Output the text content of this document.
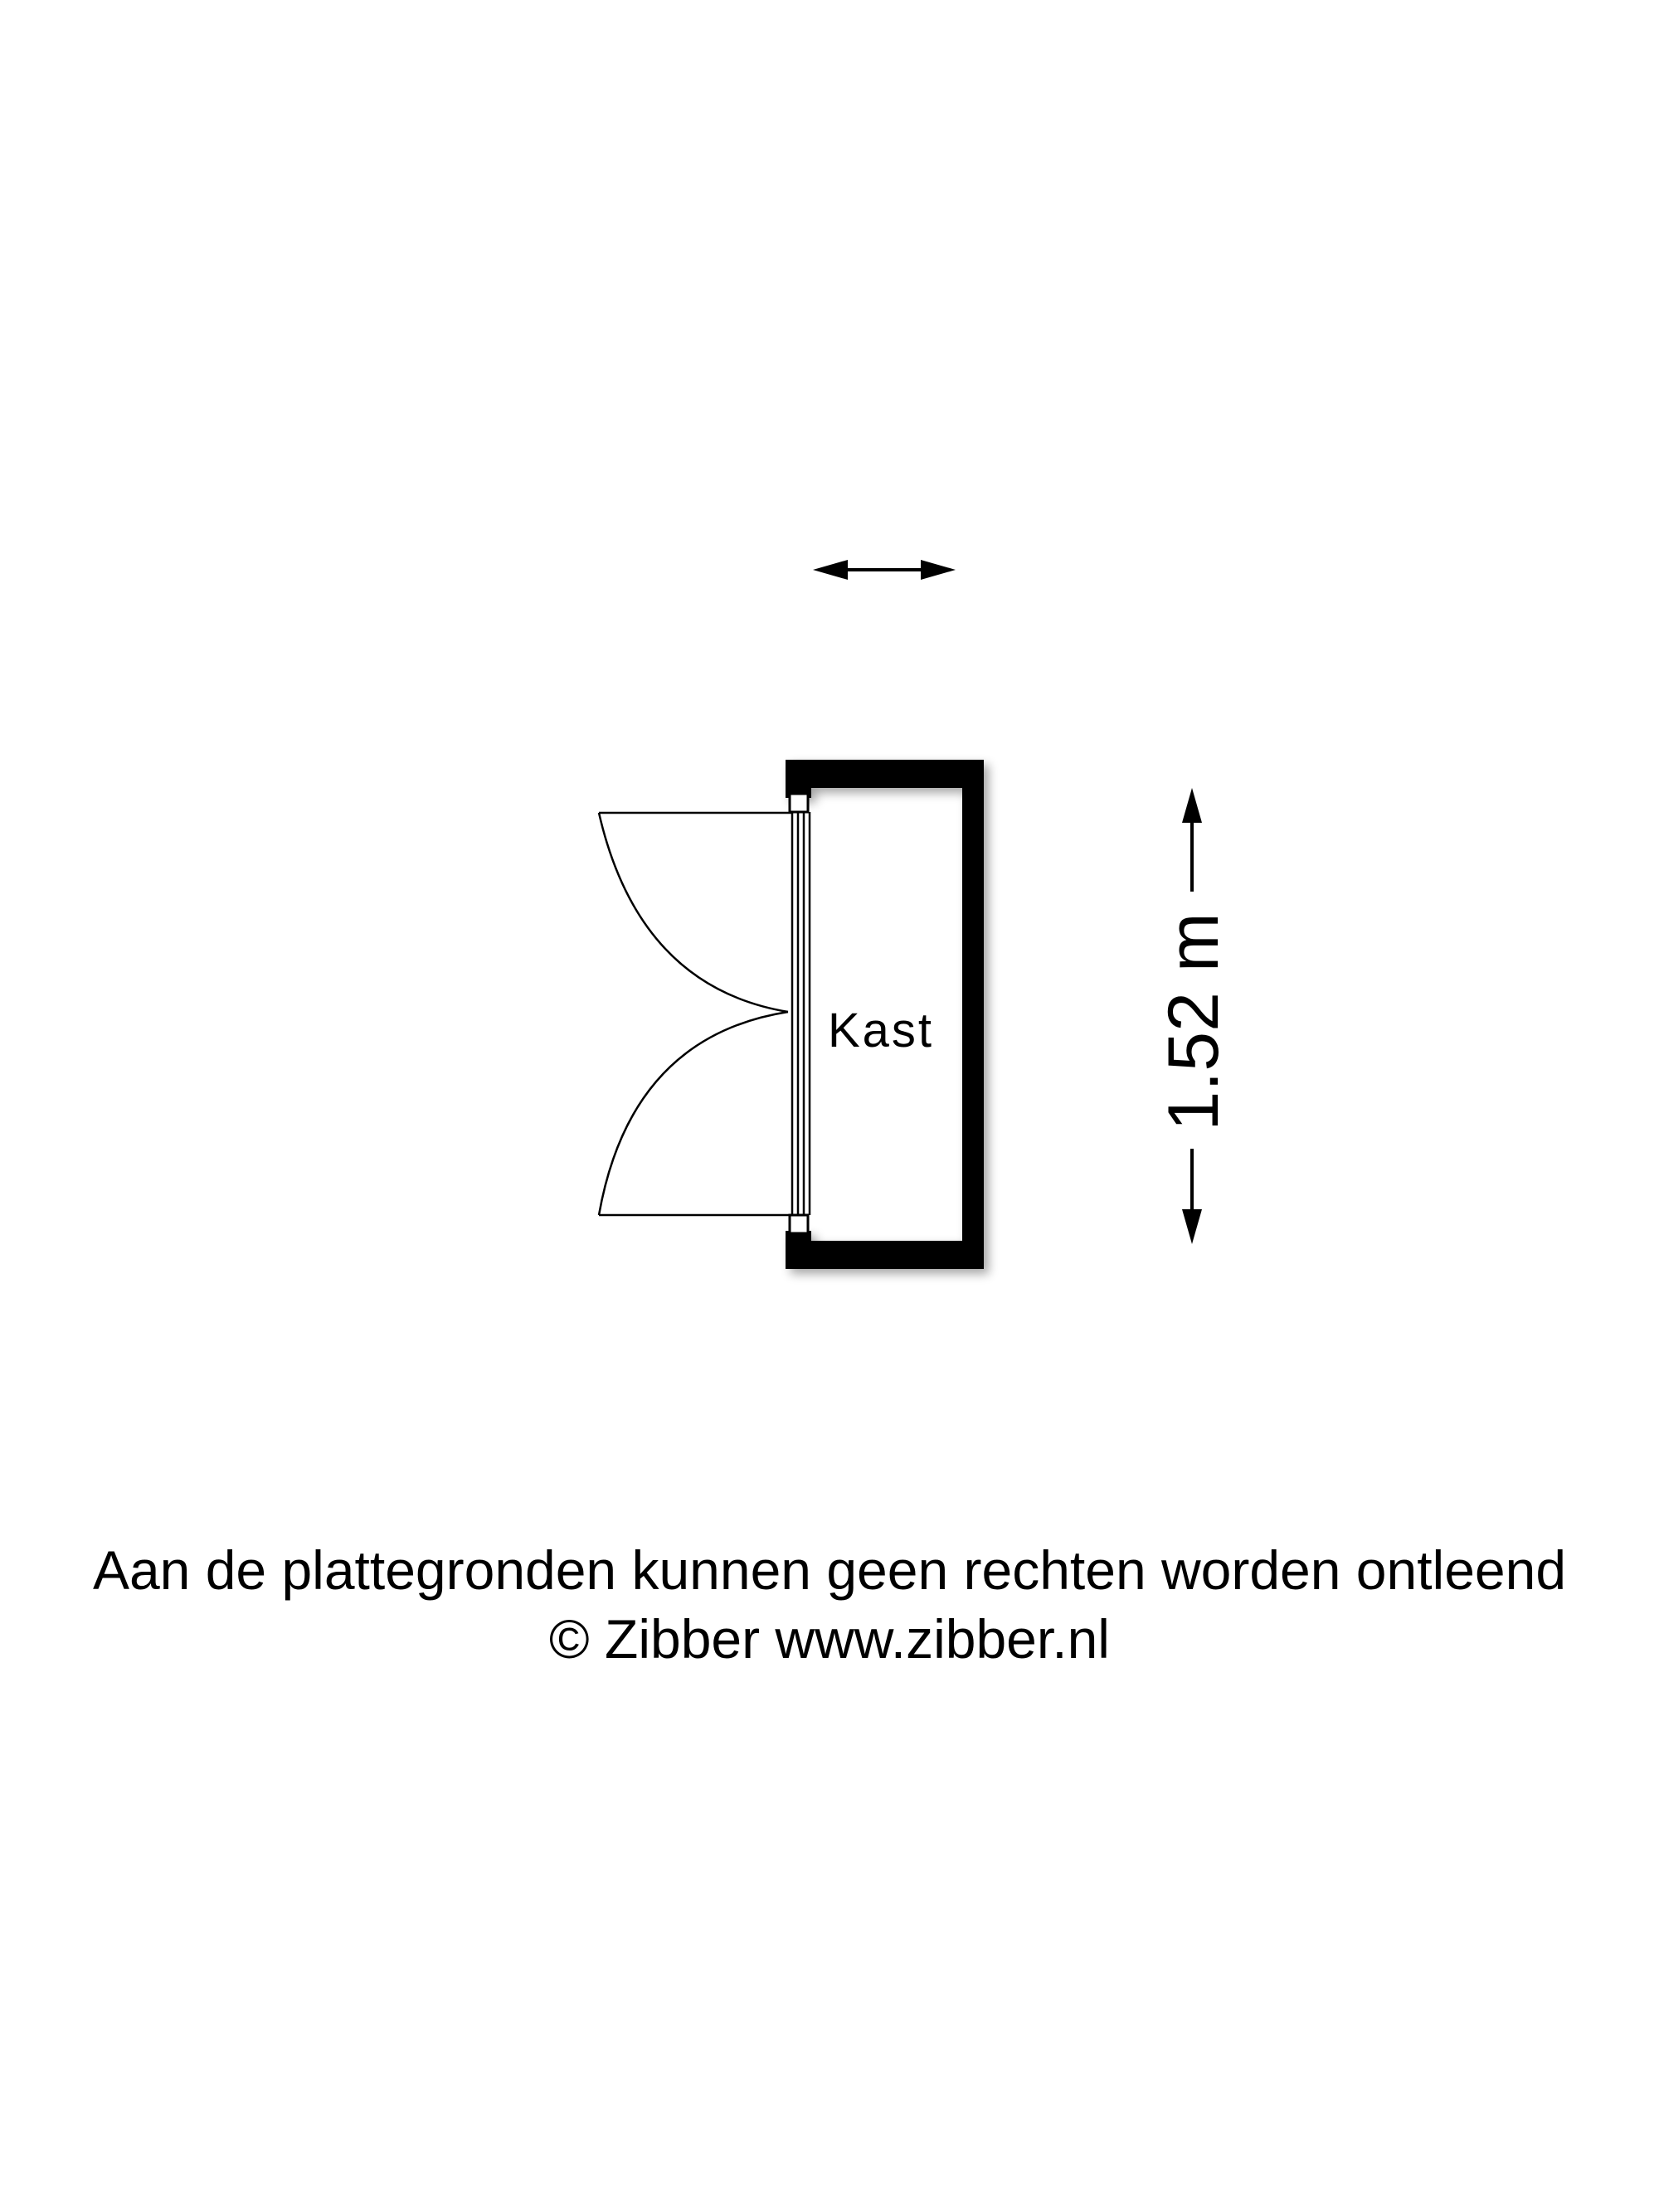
Kast	1.52 m
Aan de plattegronden kunnen geen rechten worden ontleend
© Zibber www.zibber.nl
